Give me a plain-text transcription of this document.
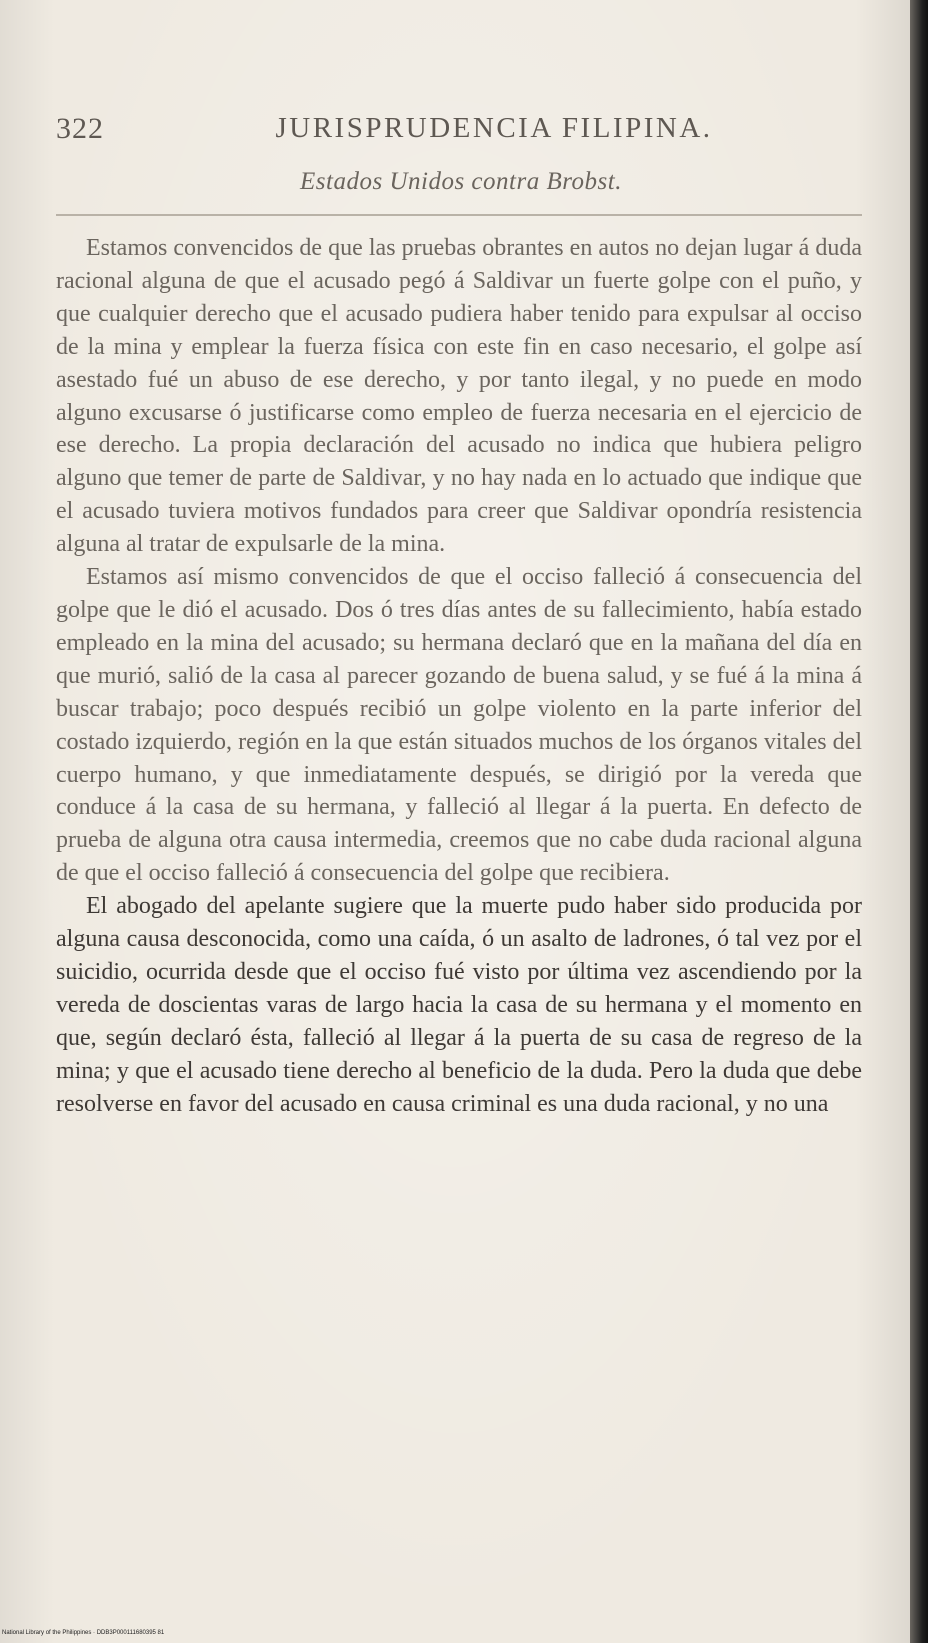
322	JURISPRUDENCIA FILIPINA.
Estados Unidos contra Brobst.

Estamos convencidos de que las pruebas obrantes en autos no dejan lugar á duda racional alguna de que el acusado pegó á Saldivar un fuerte golpe con el puño, y que cualquier derecho que el acusado pudiera haber tenido para expulsar al occiso de la mina y emplear la fuerza física con este fin en caso necesario, el golpe así asestado fué un abuso de ese derecho, y por tanto ilegal, y no puede en modo alguno excusarse ó justificarse como empleo de fuerza necesaria en el ejercicio de ese derecho. La propia declaración del acusado no indica que hubiera peligro alguno que temer de parte de Saldivar, y no hay nada en lo actuado que indique que el acusado tuviera motivos fundados para creer que Saldivar opondría resistencia alguna al tratar de expulsarle de la mina.

Estamos así mismo convencidos de que el occiso falleció á consecuencia del golpe que le dió el acusado. Dos ó tres días antes de su fallecimiento, había estado empleado en la mina del acusado; su hermana declaró que en la mañana del día en que murió, salió de la casa al parecer gozando de buena salud, y se fué á la mina á buscar trabajo; poco después recibió un golpe violento en la parte inferior del costado izquierdo, región en la que están situados muchos de los órganos vitales del cuerpo humano, y que inmediatamente después, se dirigió por la vereda que conduce á la casa de su hermana, y falleció al llegar á la puerta. En defecto de prueba de alguna otra causa intermedia, creemos que no cabe duda racional alguna de que el occiso falleció á consecuencia del golpe que recibiera.

El abogado del apelante sugiere que la muerte pudo haber sido producida por alguna causa desconocida, como una caída, ó un asalto de ladrones, ó tal vez por el suicidio, ocurrida desde que el occiso fué visto por última vez ascendiendo por la vereda de doscientas varas de largo hacia la casa de su hermana y el momento en que, según declaró ésta, falleció al llegar á la puerta de su casa de regreso de la mina; y que el acusado tiene derecho al beneficio de la duda. Pero la duda que debe resolverse en favor del acusado en causa criminal es una duda racional, y no una

National Library of the Philippines · DDB3P000111680395 81
